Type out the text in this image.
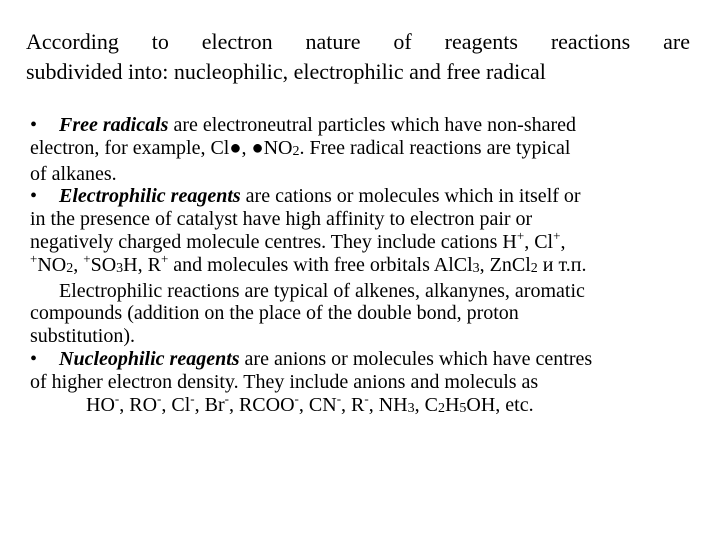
According to electron nature of reagents reactions are
subdivided into: nucleophilic, electrophilic and free radical
• Free radicals are electroneutral particles which have non-shared
electron, for example, Cl●, $●NO_2$. Free radical reactions are typical
of alkanes.
• Electrophilic reagents are cations or molecules which in itself or
in the presence of catalyst have high affinity to electron pair or
negatively charged molecule centres. They include cations H+, Cl+,
$^+NO_2$, $^+SO_3H$, R+ and molecules with free orbitals AlCl$_3$, ZnCl$_2$ и т.п.
Electrophilic reactions are typical of alkenes, alkanynes, aromatic
compounds (addition on the place of the double bond, proton
substitution).
• Nucleophilic reagents are anions or molecules which have centres
of higher electron density. They include anions and moleculs as
HO-, RO-, Cl-, Br-, RCOO-, CN-, R-, $NH_3$, $C_2H_5OH$, etc.
